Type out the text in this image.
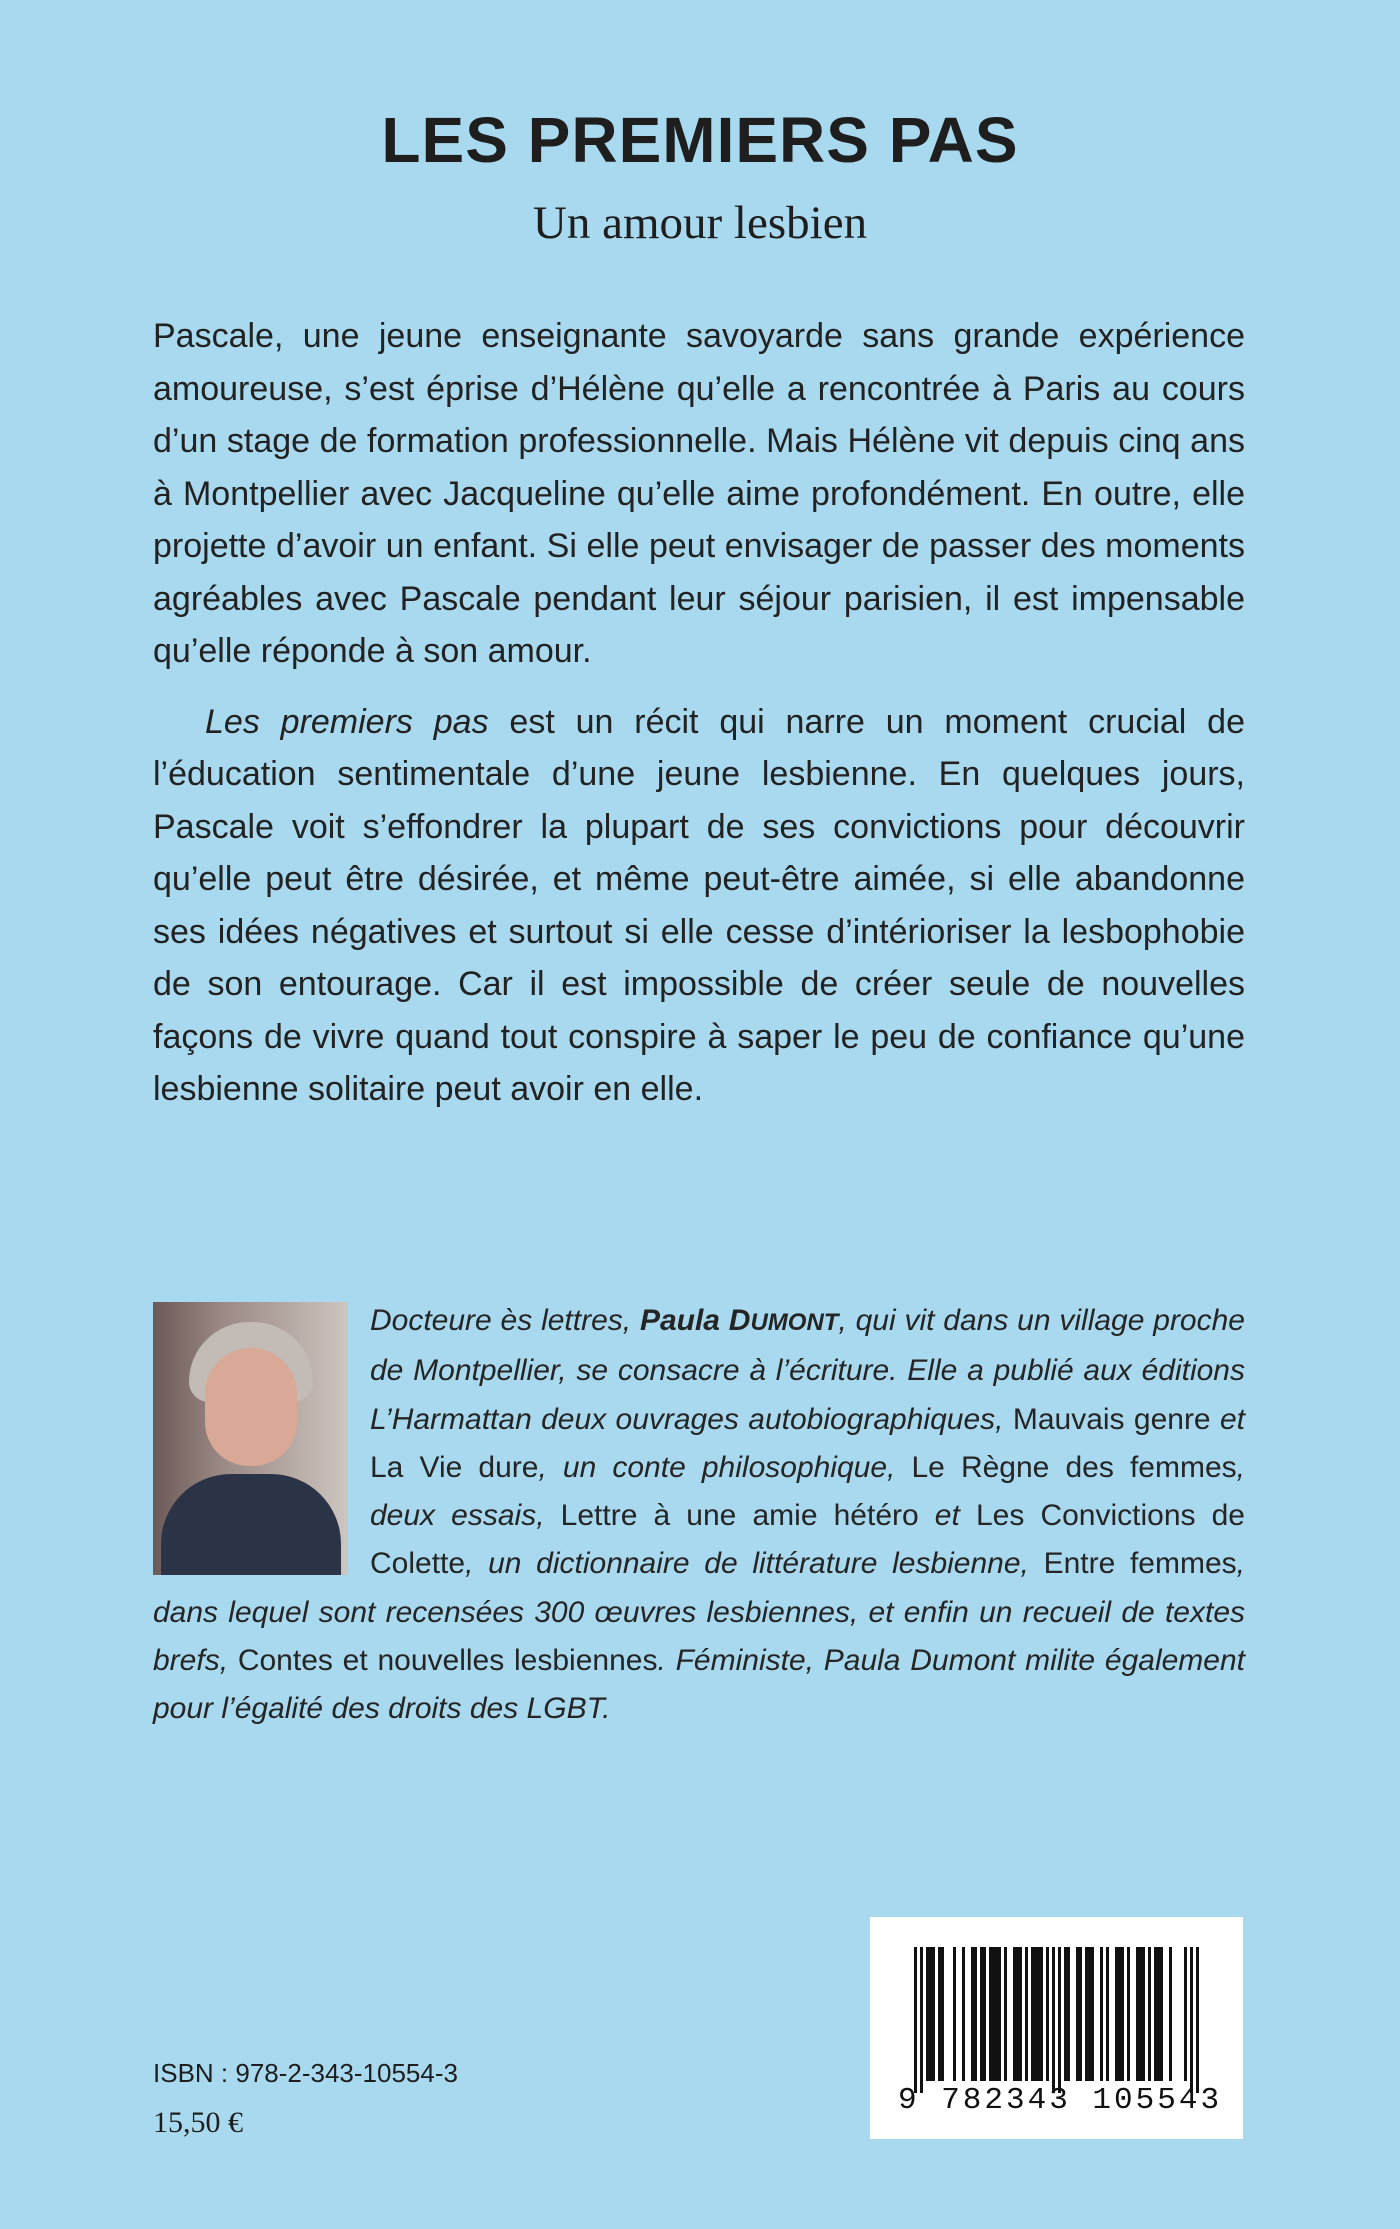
LES PREMIERS PAS
Un amour lesbien

Pascale, une jeune enseignante savoyarde sans grande expérience amoureuse, s’est éprise d’Hélène qu’elle a rencontrée à Paris au cours d’un stage de formation professionnelle. Mais Hélène vit depuis cinq ans à Montpellier avec Jacqueline qu’elle aime profondément. En outre, elle projette d’avoir un enfant. Si elle peut envisager de passer des moments agréables avec Pascale pendant leur séjour parisien, il est impensable qu’elle réponde à son amour.

Les premiers pas est un récit qui narre un moment crucial de l’éducation sentimentale d’une jeune lesbienne. En quelques jours, Pascale voit s’effondrer la plupart de ses convictions pour découvrir qu’elle peut être désirée, et même peut-être aimée, si elle abandonne ses idées négatives et surtout si elle cesse d’intérioriser la lesbophobie de son entourage. Car il est impossible de créer seule de nouvelles façons de vivre quand tout conspire à saper le peu de confiance qu’une lesbienne solitaire peut avoir en elle.

Docteure ès lettres, Paula DUMONT, qui vit dans un village proche de Montpellier, se consacre à l’écriture. Elle a publié aux éditions L’Harmattan deux ouvrages autobiographiques, Mauvais genre et La Vie dure, un conte philosophique, Le Règne des femmes, deux essais, Lettre à une amie hétéro et Les Convictions de Colette, un dictionnaire de littérature lesbienne, Entre femmes, dans lequel sont recensées 300 œuvres lesbiennes, et enfin un recueil de textes brefs, Contes et nouvelles lesbiennes. Féministe, Paula Dumont milite également pour l’égalité des droits des LGBT.

ISBN : 978-2-343-10554-3
15,50 €
9 782343 105543
